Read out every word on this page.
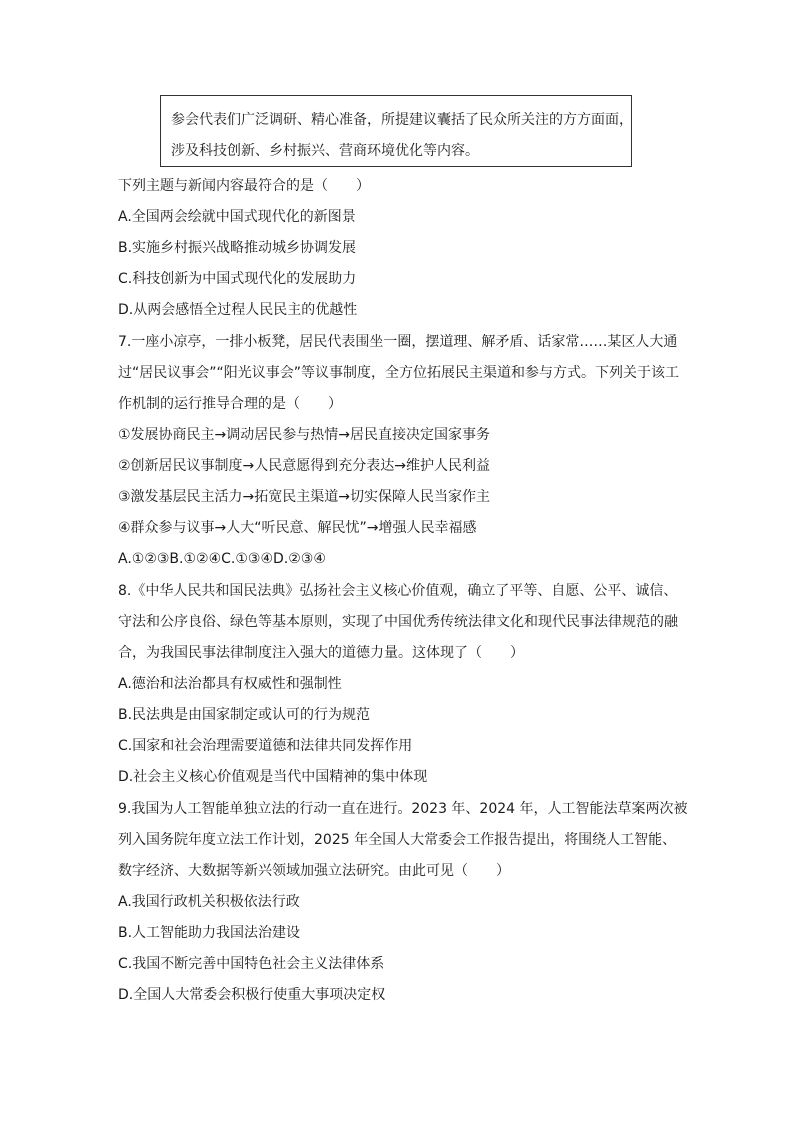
参会代表们广泛调研、精心准备，所提建议囊括了民众所关注的方方面面，
涉及科技创新、乡村振兴、营商环境优化等内容。
下列主题与新闻内容最符合的是（　　）
A.全国两会绘就中国式现代化的新图景
B.实施乡村振兴战略推动城乡协调发展
C.科技创新为中国式现代化的发展助力
D.从两会感悟全过程人民民主的优越性
7.一座小凉亭，一排小板凳，居民代表围坐一圈，摆道理、解矛盾、话家常……某区人大通
过“居民议事会”“阳光议事会”等议事制度，全方位拓展民主渠道和参与方式。下列关于该工
作机制的运行推导合理的是（　　）
①发展协商民主→调动居民参与热情→居民直接决定国家事务
②创新居民议事制度→人民意愿得到充分表达→维护人民利益
③激发基层民主活力→拓宽民主渠道→切实保障人民当家作主
④群众参与议事→人大“听民意、解民忧”→增强人民幸福感
A.①②③B.①②④C.①③④D.②③④
8.《中华人民共和国民法典》弘扬社会主义核心价值观，确立了平等、自愿、公平、诚信、
守法和公序良俗、绿色等基本原则，实现了中国优秀传统法律文化和现代民事法律规范的融
合，为我国民事法律制度注入强大的道德力量。这体现了（　　）
A.德治和法治都具有权威性和强制性
B.民法典是由国家制定或认可的行为规范
C.国家和社会治理需要道德和法律共同发挥作用
D.社会主义核心价值观是当代中国精神的集中体现
9.我国为人工智能单独立法的行动一直在进行。2023 年、2024 年，人工智能法草案两次被
列入国务院年度立法工作计划，2025 年全国人大常委会工作报告提出，将围绕人工智能、
数字经济、大数据等新兴领域加强立法研究。由此可见（　　）
A.我国行政机关积极依法行政
B.人工智能助力我国法治建设
C.我国不断完善中国特色社会主义法律体系
D.全国人大常委会积极行使重大事项决定权
